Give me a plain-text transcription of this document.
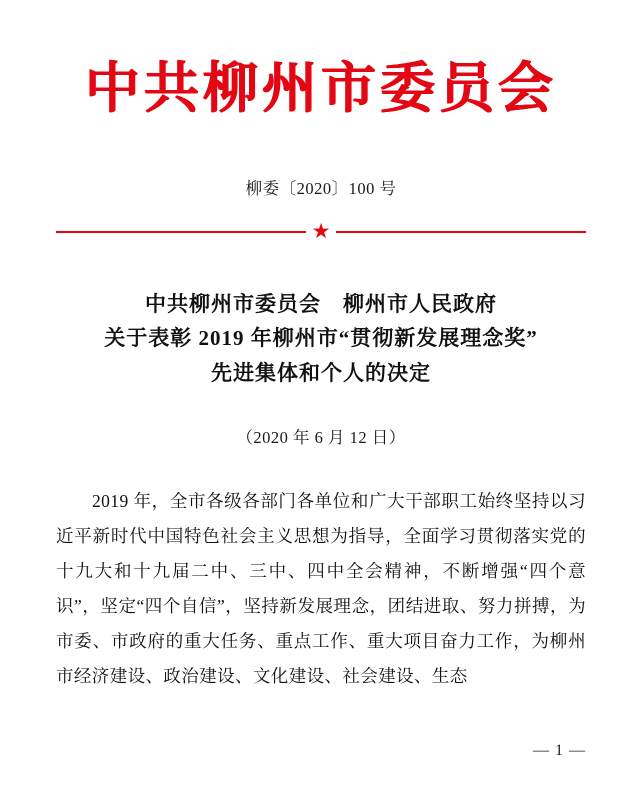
中共柳州市委员会
柳委〔2020〕100 号
★
中共柳州市委员会 柳州市人民政府
关于表彰 2019 年柳州市“贯彻新发展理念奖”
先进集体和个人的决定
（2020 年 6 月 12 日）

2019 年，全市各级各部门各单位和广大干部职工始终坚持以习近平新时代中国特色社会主义思想为指导，全面学习贯彻落实党的十九大和十九届二中、三中、四中全会精神，不断增强“四个意识”，坚定“四个自信”，坚持新发展理念，团结进取、努力拼搏，为市委、市政府的重大任务、重点工作、重大项目奋力工作，为柳州市经济建设、政治建设、文化建设、社会建设、生态

— 1 —
